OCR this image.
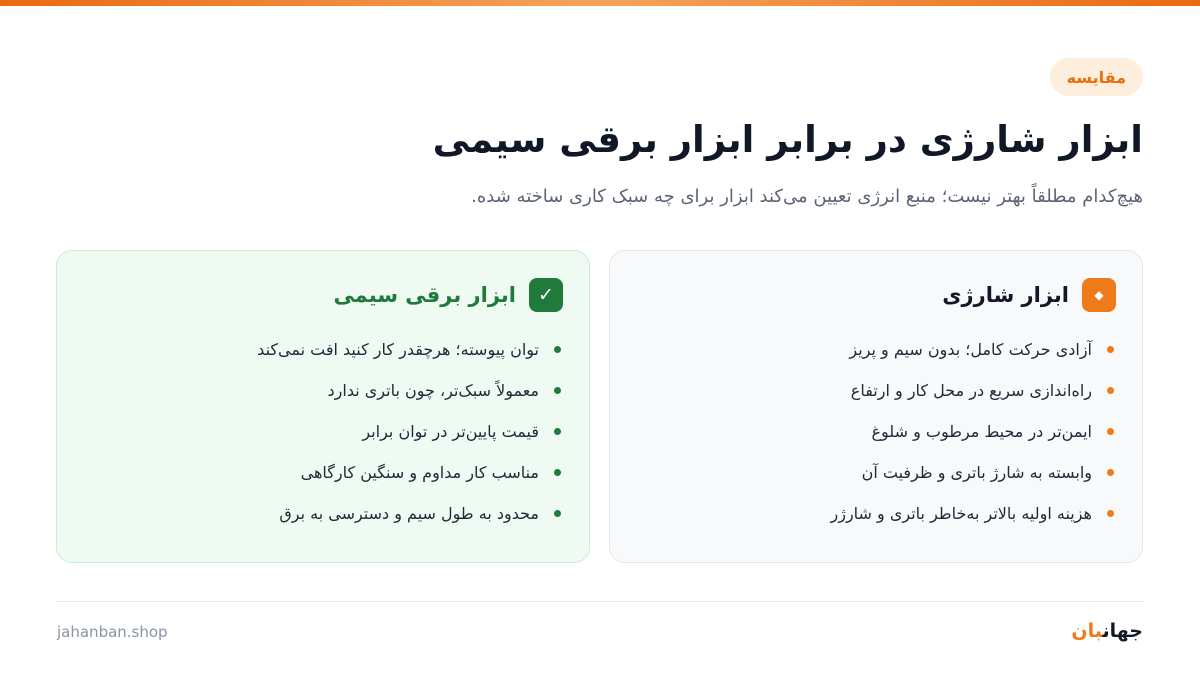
مقایسه
ابزار شارژی در برابر ابزار برقی سیمی

هیچ‌کدام مطلقاً بهتر نیست؛ منبع انرژی تعیین می‌کند ابزار برای چه سبک کاری ساخته شده.

◆
ابزار شارژی
آزادی حرکت کامل؛ بدون سیم و پریز
راه‌اندازی سریع در محل کار و ارتفاع
ایمن‌تر در محیط مرطوب و شلوغ
وابسته به شارژ باتری و ظرفیت آن
هزینه اولیه بالاتر به‌خاطر باتری و شارژر
✓
ابزار برقی سیمی
توان پیوسته؛ هرچقدر کار کنید افت نمی‌کند
معمولاً سبک‌تر، چون باتری ندارد
قیمت پایین‌تر در توان برابر
مناسب کار مداوم و سنگین کارگاهی
محدود به طول سیم و دسترسی به برق
جهانبان
jahanban.shop
